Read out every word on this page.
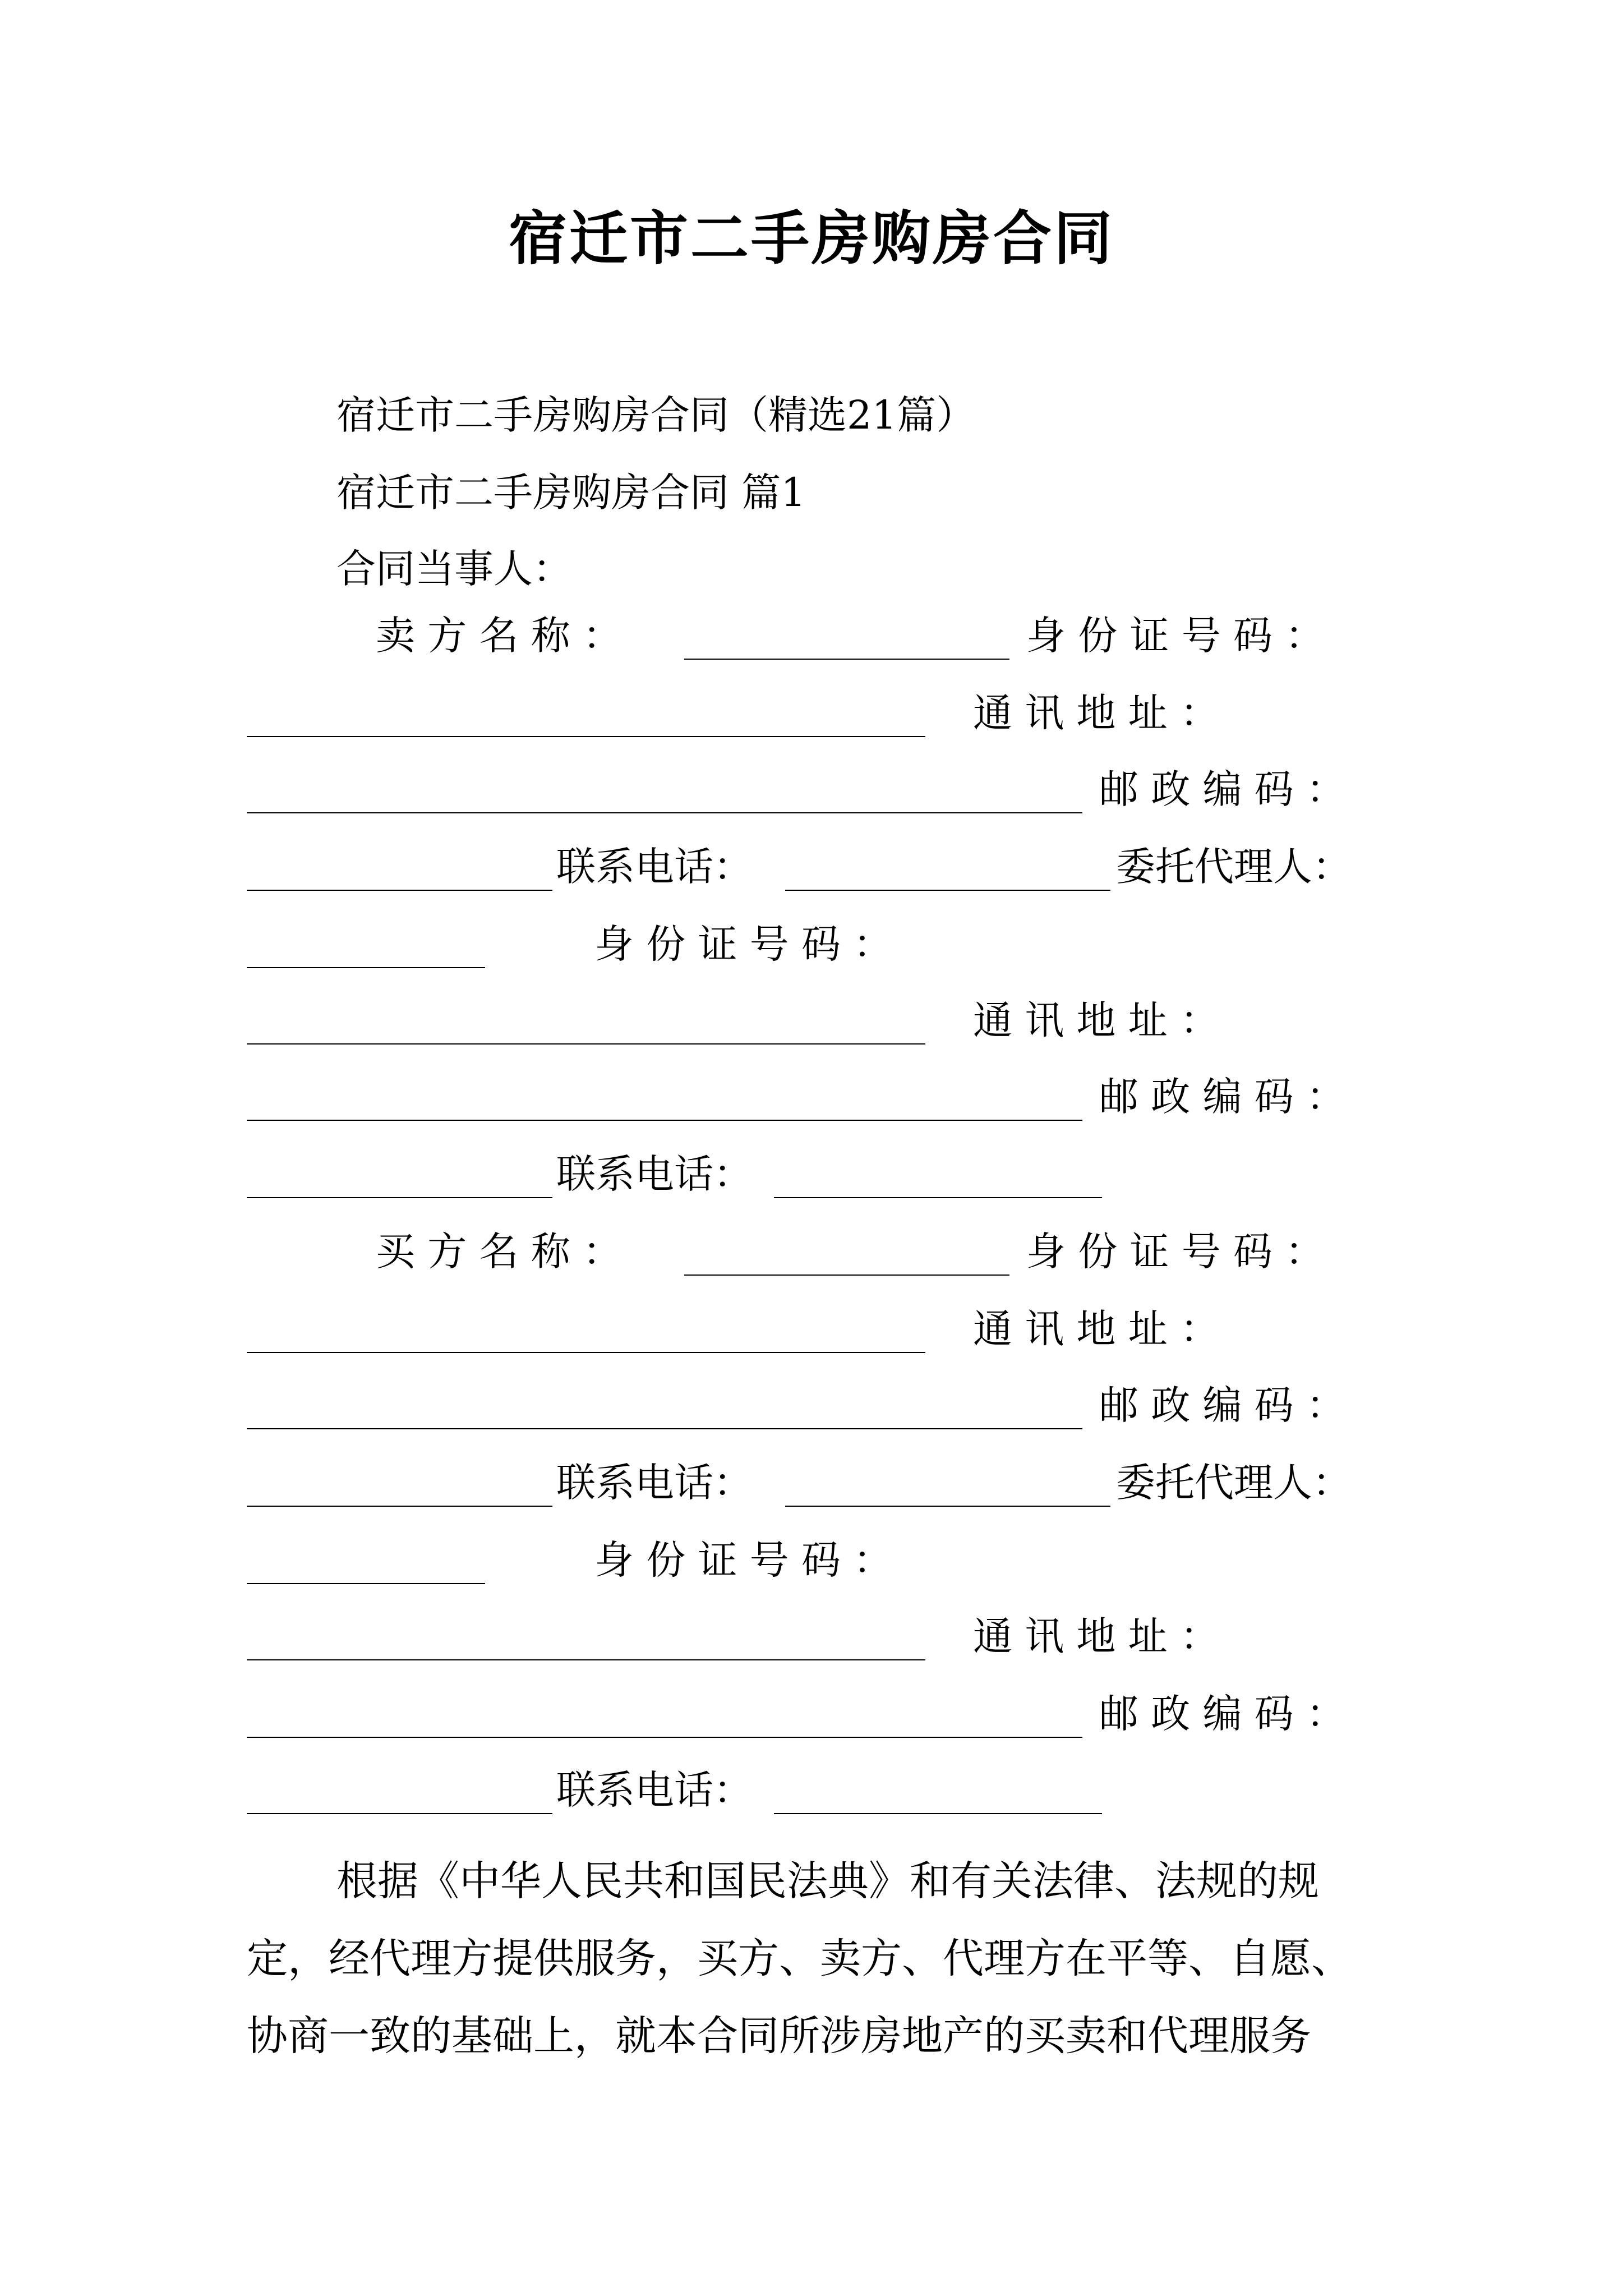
宿迁市二手房购房合同
宿迁市二手房购房合同（精选21篇）
宿迁市二手房购房合同 篇1
合同当事人：
卖 方 名 称 ：	身 份 证 号 码 ：
通 讯 地 址 ：
邮 政 编 码 ：
联系电话：	委托代理人：
身 份 证 号 码 ：
通 讯 地 址 ：
邮 政 编 码 ：
联系电话：
买 方 名 称 ：	身 份 证 号 码 ：
通 讯 地 址 ：
邮 政 编 码 ：
联系电话：	委托代理人：
身 份 证 号 码 ：
通 讯 地 址 ：
邮 政 编 码 ：
联系电话：

根据《中华人民共和国民法典》和有关法律、法规的规

定，经代理方提供服务，买方、卖方、代理方在平等、自愿、

协商一致的基础上，就本合同所涉房地产的买卖和代理服务
